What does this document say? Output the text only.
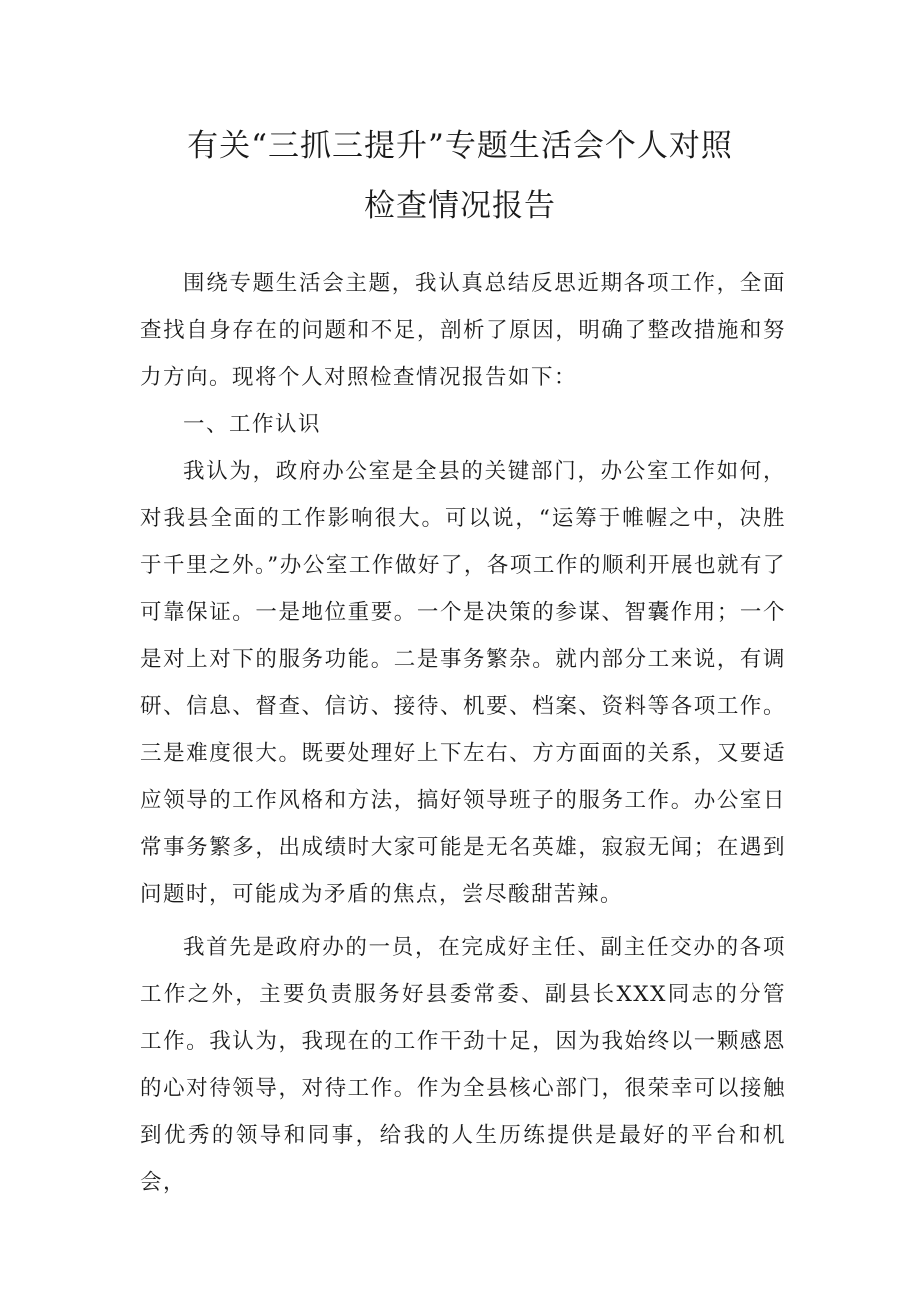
有关“三抓三提升”专题生活会个人对照
检查情况报告

围绕专题生活会主题，我认真总结反思近期各项工作，全面查找自身存在的问题和不足，剖析了原因，明确了整改措施和努力方向。现将个人对照检查情况报告如下：

一、工作认识

我认为，政府办公室是全县的关键部门，办公室工作如何，对我县全面的工作影响很大。可以说，“运筹于帷幄之中，决胜于千里之外。”办公室工作做好了，各项工作的顺利开展也就有了可靠保证。一是地位重要。一个是决策的参谋、智囊作用；一个是对上对下的服务功能。二是事务繁杂。就内部分工来说，有调研、信息、督查、信访、接待、机要、档案、资料等各项工作。三是难度很大。既要处理好上下左右、方方面面的关系，又要适应领导的工作风格和方法，搞好领导班子的服务工作。办公室日常事务繁多，出成绩时大家可能是无名英雄，寂寂无闻；在遇到问题时，可能成为矛盾的焦点，尝尽酸甜苦辣。

我首先是政府办的一员，在完成好主任、副主任交办的各项工作之外，主要负责服务好县委常委、副县长XXX同志的分管工作。我认为，我现在的工作干劲十足，因为我始终以一颗感恩的心对待领导，对待工作。作为全县核心部门，很荣幸可以接触到优秀的领导和同事，给我的人生历练提供是最好的平台和机会，
